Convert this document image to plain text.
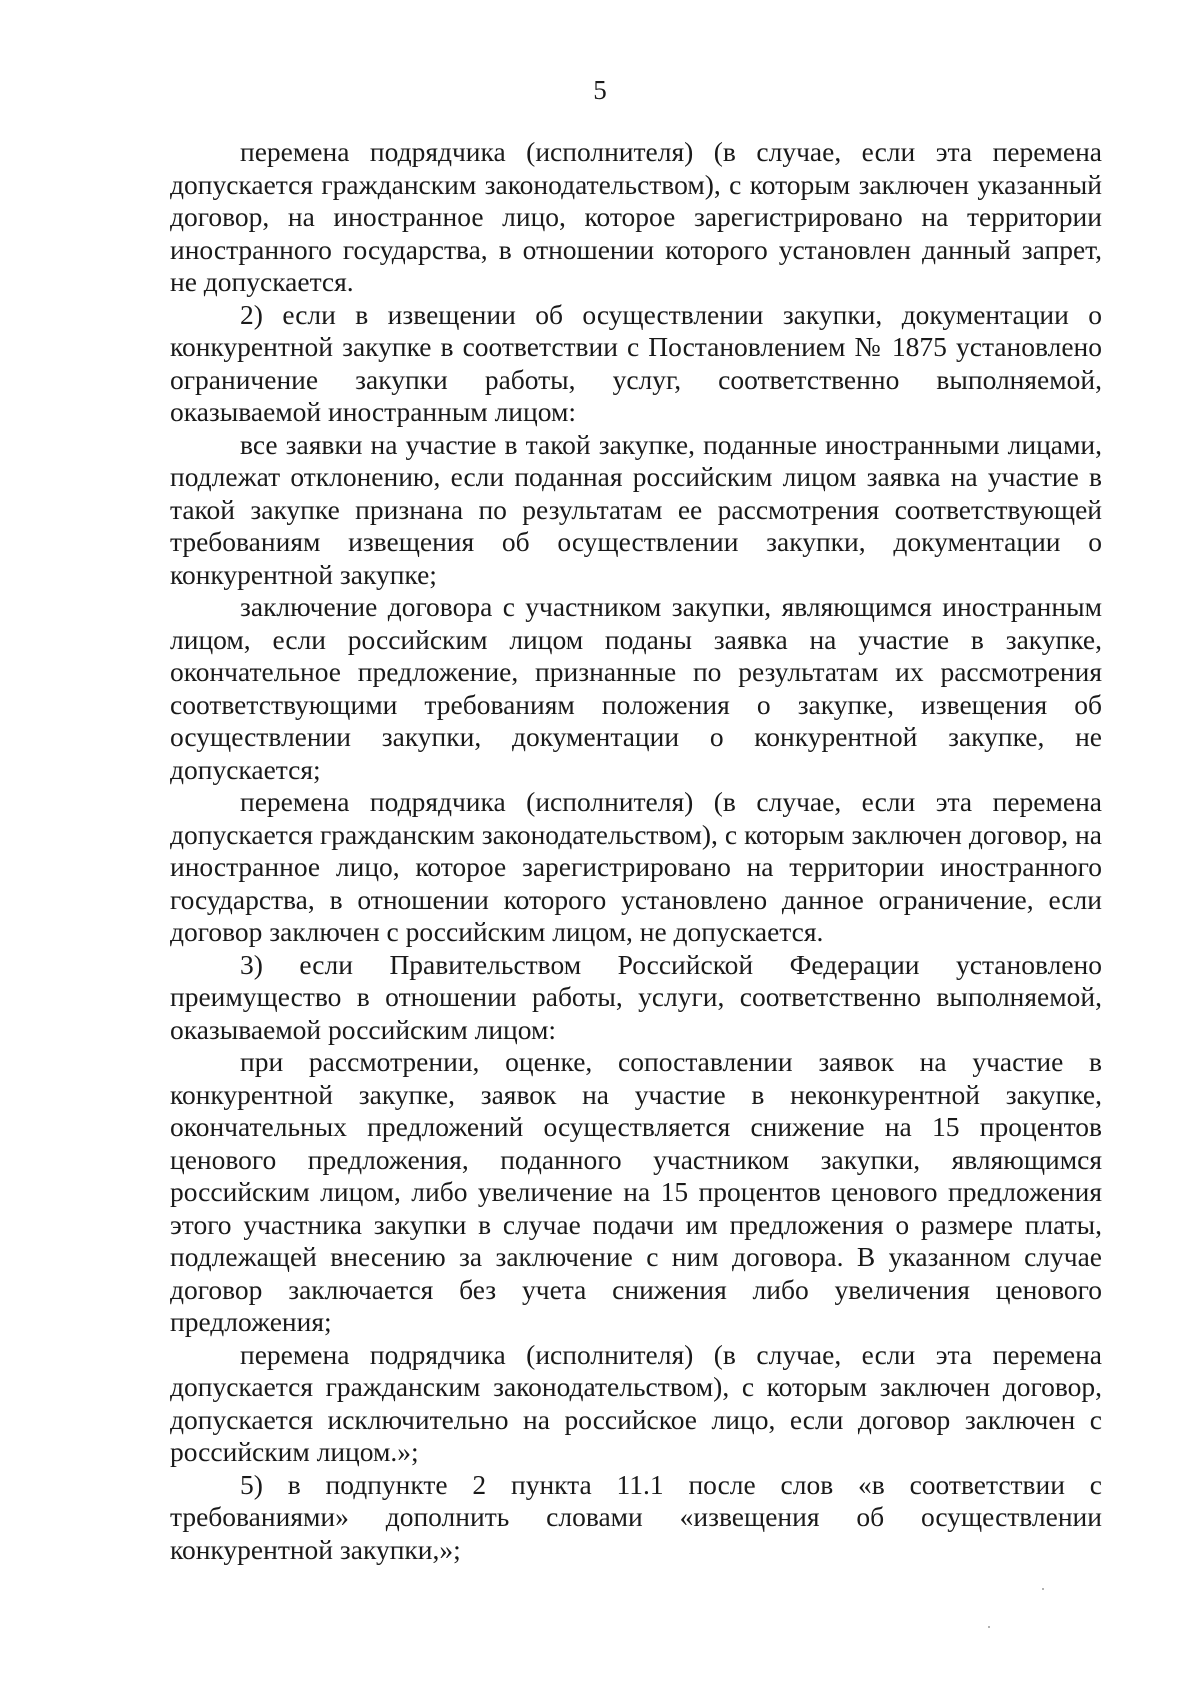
5

перемена подрядчика (исполнителя) (в случае, если эта перемена допускается гражданским законодательством), с которым заключен указанный договор, на иностранное лицо, которое зарегистрировано на территории иностранного государства, в отношении которого установлен данный запрет, не допускается.

2) если в извещении об осуществлении закупки, документации о конкурентной закупке в соответствии с Постановлением № 1875 установлено ограничение закупки работы, услуг, соответственно выполняемой, оказываемой иностранным лицом:

все заявки на участие в такой закупке, поданные иностранными лицами, подлежат отклонению, если поданная российским лицом заявка на участие в такой закупке признана по результатам ее рассмотрения соответствующей требованиям извещения об осуществлении закупки, документации о конкурентной закупке;

заключение договора с участником закупки, являющимся иностранным лицом, если российским лицом поданы заявка на участие в закупке, окончательное предложение, признанные по результатам их рассмотрения соответствующими требованиям положения о закупке, извещения об осуществлении закупки, документации о конкурентной закупке, не допускается;

перемена подрядчика (исполнителя) (в случае, если эта перемена допускается гражданским законодательством), с которым заключен договор, на иностранное лицо, которое зарегистрировано на территории иностранного государства, в отношении которого установлено данное ограничение, если договор заключен с российским лицом, не допускается.

3) если Правительством Российской Федерации установлено преимущество в отношении работы, услуги, соответственно выполняемой, оказываемой российским лицом:

при рассмотрении, оценке, сопоставлении заявок на участие в конкурентной закупке, заявок на участие в неконкурентной закупке, окончательных предложений осуществляется снижение на 15 процентов ценового предложения, поданного участником закупки, являющимся российским лицом, либо увеличение на 15 процентов ценового предложения этого участника закупки в случае подачи им предложения о размере платы, подлежащей внесению за заключение с ним договора. В указанном случае договор заключается без учета снижения либо увеличения ценового предложения;

перемена подрядчика (исполнителя) (в случае, если эта перемена допускается гражданским законодательством), с которым заключен договор, допускается исключительно на российское лицо, если договор заключен с российским лицом.»;

5) в подпункте 2 пункта 11.1 после слов «в соответствии с требованиями» дополнить словами «извещения об осуществлении конкурентной закупки,»;
